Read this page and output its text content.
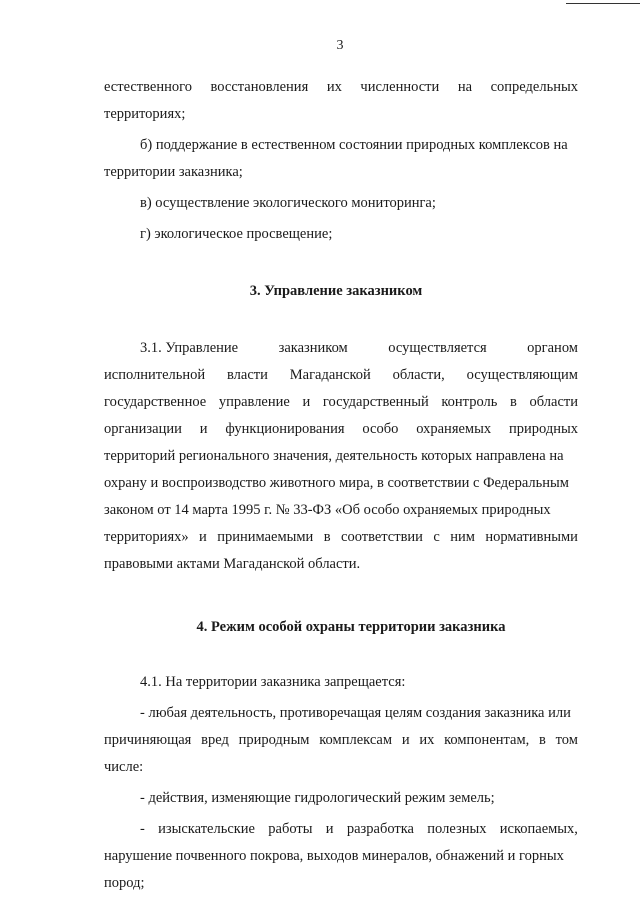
3
естественного восстановления их численности на сопредельных
территориях;
б) поддержание в естественном состоянии природных комплексов на
территории заказника;
в) осуществление экологического мониторинга;
г) экологическое просвещение;
3. Управление заказником
3.1. Управление	заказником	осуществляется	органом
исполнительной власти Магаданской области, осуществляющим
государственное управление и государственный контроль в области
организации и функционирования особо охраняемых природных
территорий регионального значения, деятельность которых направлена на
охрану и воспроизводство животного мира, в соответствии с Федеральным
законом от 14 марта 1995 г. № 33-ФЗ «Об особо охраняемых природных
территориях» и принимаемыми в соответствии с ним нормативными
правовыми актами Магаданской области.
4. Режим особой охраны территории заказника
4.1. На территории заказника запрещается:
- любая деятельность, противоречащая целям создания заказника или
причиняющая вред природным комплексам и их компонентам, в том
числе:
- действия, изменяющие гидрологический режим земель;
- изыскательские работы и разработка полезных ископаемых,
нарушение почвенного покрова, выходов минералов, обнажений и горных
пород;
